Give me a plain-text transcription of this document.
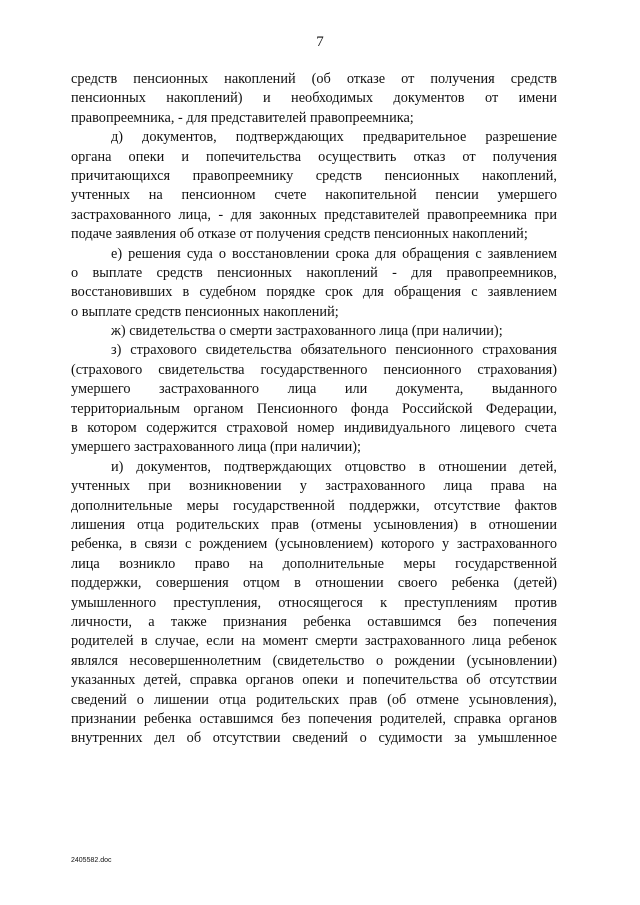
7
средств пенсионных накоплений (об отказе от получения средств
пенсионных накоплений) и необходимых документов от имени
правопреемника, - для представителей правопреемника;
д) документов, подтверждающих предварительное разрешение
органа опеки и попечительства осуществить отказ от получения
причитающихся правопреемнику средств пенсионных накоплений,
учтенных на пенсионном счете накопительной пенсии умершего
застрахованного лица, - для законных представителей правопреемника при
подаче заявления об отказе от получения средств пенсионных накоплений;
е) решения суда о восстановлении срока для обращения с заявлением
о выплате средств пенсионных накоплений - для правопреемников,
восстановивших в судебном порядке срок для обращения с заявлением
о выплате средств пенсионных накоплений;
ж) свидетельства о смерти застрахованного лица (при наличии);
з) страхового свидетельства обязательного пенсионного страхования
(страхового свидетельства государственного пенсионного страхования)
умершего застрахованного лица или документа, выданного
территориальным органом Пенсионного фонда Российской Федерации,
в котором содержится страховой номер индивидуального лицевого счета
умершего застрахованного лица (при наличии);
и) документов, подтверждающих отцовство в отношении детей,
учтенных при возникновении у застрахованного лица права на
дополнительные меры государственной поддержки, отсутствие фактов
лишения отца родительских прав (отмены усыновления) в отношении
ребенка, в связи с рождением (усыновлением) которого у застрахованного
лица возникло право на дополнительные меры государственной
поддержки, совершения отцом в отношении своего ребенка (детей)
умышленного преступления, относящегося к преступлениям против
личности, а также признания ребенка оставшимся без попечения
родителей в случае, если на момент смерти застрахованного лица ребенок
являлся несовершеннолетним (свидетельство о рождении (усыновлении)
указанных детей, справка органов опеки и попечительства об отсутствии
сведений о лишении отца родительских прав (об отмене усыновления),
признании ребенка оставшимся без попечения родителей, справка органов
внутренних дел об отсутствии сведений о судимости за умышленное
2405582.doc
